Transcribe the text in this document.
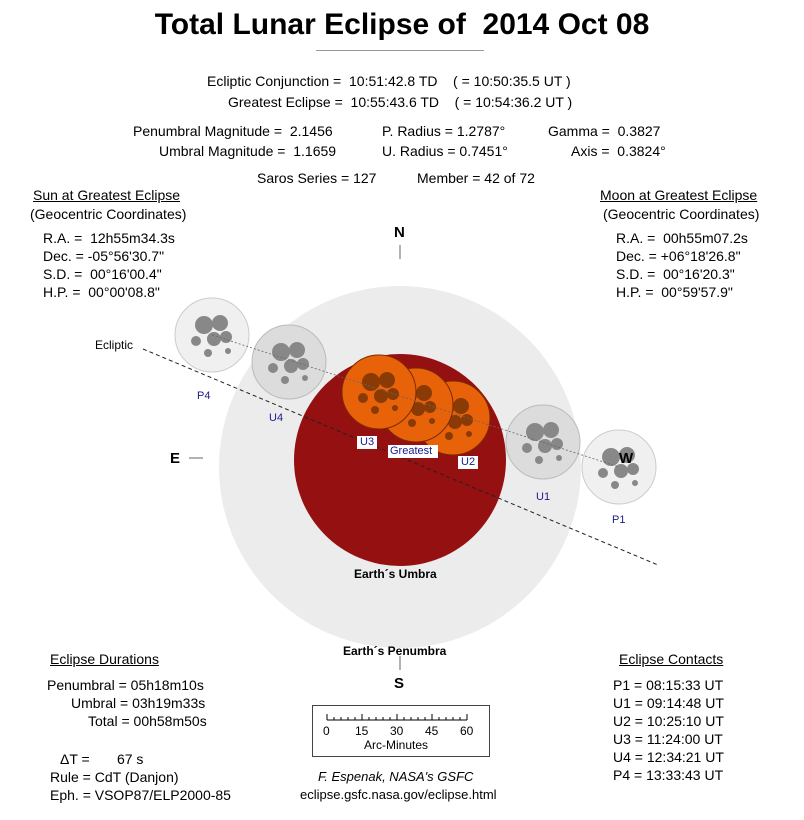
Total Lunar Eclipse of  2014 Oct 08
Ecliptic Conjunction =  10:51:42.8 TD    ( = 10:50:35.5 UT )
Greatest Eclipse =  10:55:43.6 TD    ( = 10:54:36.2 UT )
Penumbral Magnitude =  2.1456
Umbral Magnitude =  1.1659
P. Radius = 1.2787°
U. Radius = 0.7451°
Gamma =  0.3827
Axis =  0.3824°
Saros Series = 127	Member = 42 of 72
Sun at Greatest Eclipse
(Geocentric Coordinates)
R.A. =  12h55m34.3s
Dec. = -05°56'30.7"
S.D. =  00°16'00.4"
H.P. =  00°00'08.8"
Moon at Greatest Eclipse
(Geocentric Coordinates)
R.A. =  00h55m07.2s
Dec. = +06°18'26.8"
S.D. =  00°16'20.3"
H.P. =  00°59'57.9"
N
S
E	W
Ecliptic
Earth´s Umbra
Earth´s Penumbra
P4
U4
U3
Greatest
U2
U1
P1
Eclipse Durations
Penumbral = 05h18m10s
Umbral = 03h19m33s
Total = 00h58m50s
ΔT =       67 s
Rule = CdT (Danjon)
Eph. = VSOP87/ELP2000-85
0 15 30 45 60
Arc-Minutes
F. Espenak, NASA's GSFC
eclipse.gsfc.nasa.gov/eclipse.html
Eclipse Contacts
P1 = 08:15:33 UT
U1 = 09:14:48 UT
U2 = 10:25:10 UT
U3 = 11:24:00 UT
U4 = 12:34:21 UT
P4 = 13:33:43 UT
